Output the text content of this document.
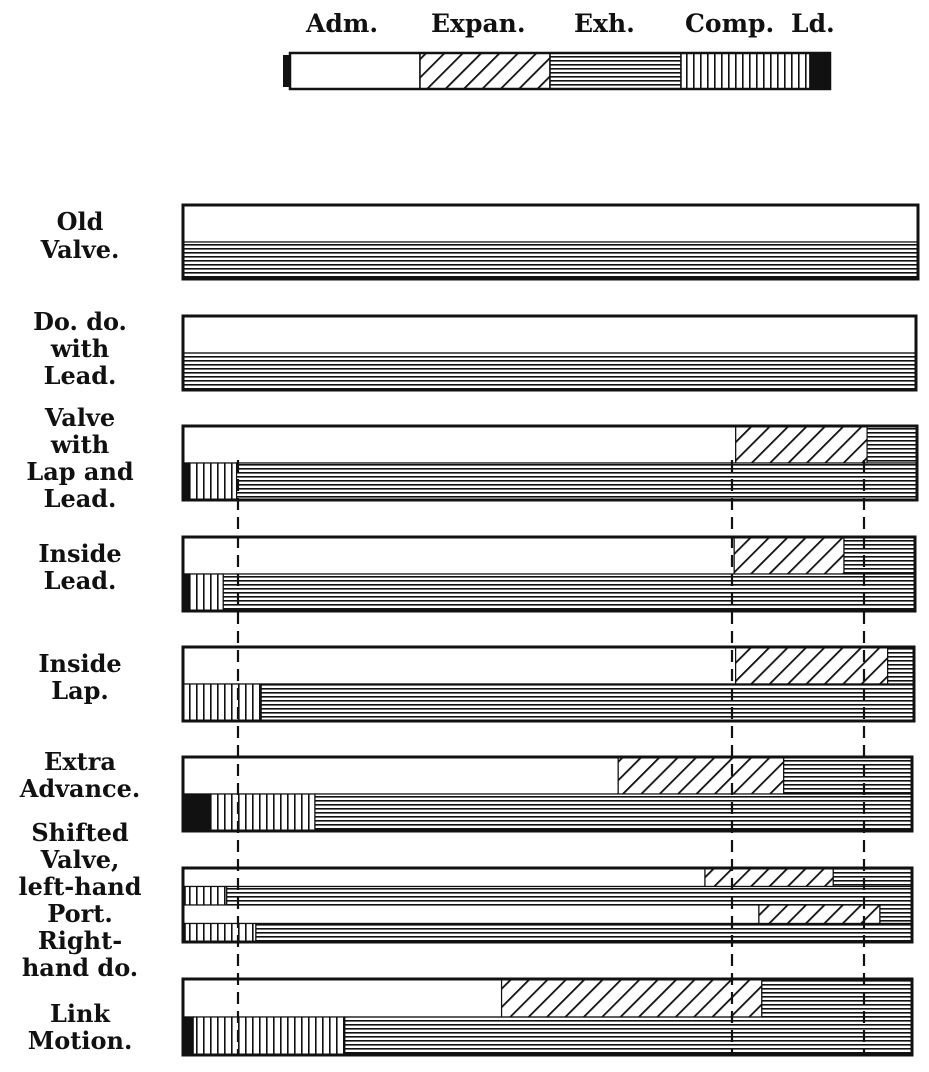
Adm. Expan. Exh. Comp. Ld.
Old
Valve.
Do. do.
with
Lead.
Valve
with
Lap and
Lead.
Inside
Lead.
Inside
Lap.
Extra
Advance.
Shifted
Valve,
left-hand
Port.
Right-
hand do.
Link
Motion.
